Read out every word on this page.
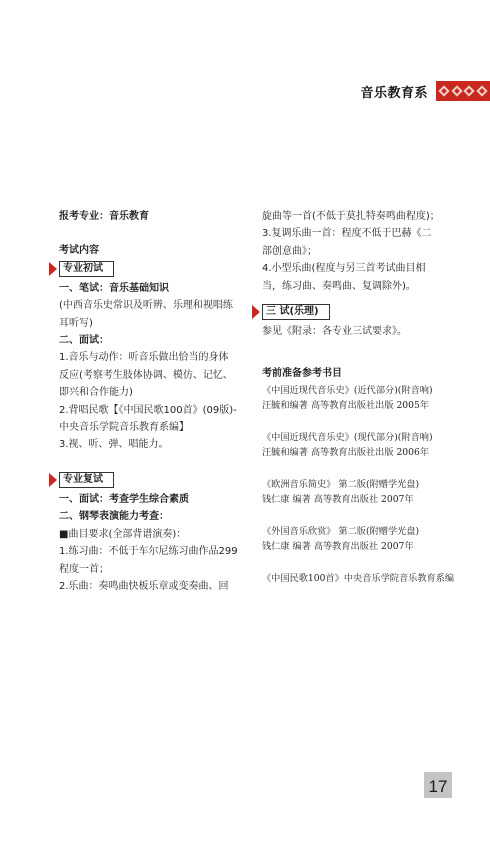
音乐教育系

报考专业：音乐教育

考试内容

专业初试

一、笔试：音乐基础知识

(中西音乐史常识及听辨、乐理和视唱练

耳听写)

二、面试：

1.音乐与动作：听音乐做出恰当的身体

反应(考察考生肢体协调、模仿、记忆、

即兴和合作能力)

2.背唱民歌【《中国民歌100首》(09版)-

中央音乐学院音乐教育系编】

3.视、听、弹、唱能力。

专业复试

一、面试：考查学生综合素质

二、钢琴表演能力考查：

■曲目要求(全部背谱演奏)：

1.练习曲：不低于车尔尼练习曲作品299

程度一首；

2.乐曲：奏鸣曲快板乐章或变奏曲、回

旋曲等一首(不低于莫扎特奏鸣曲程度)；

3.复调乐曲一首：程度不低于巴赫《二

部创意曲》；

4.小型乐曲(程度与另三首考试曲目相

当，练习曲、奏鸣曲、复调除外)。

三 试(乐理)

参见《附录：各专业三试要求》。

考前准备参考书目

《中国近现代音乐史》(近代部分)(附音响)
汪毓和编著 高等教育出版社出版 2005年
《中国近现代音乐史》(现代部分)(附音响)
汪毓和编著 高等教育出版社出版 2006年
《欧洲音乐简史》 第二版(附赠学光盘)
钱仁康 编著 高等教育出版社 2007年
《外国音乐欣赏》 第二版(附赠学光盘)
钱仁康 编著 高等教育出版社 2007年
《中国民歌100首》中央音乐学院音乐教育系编
17
